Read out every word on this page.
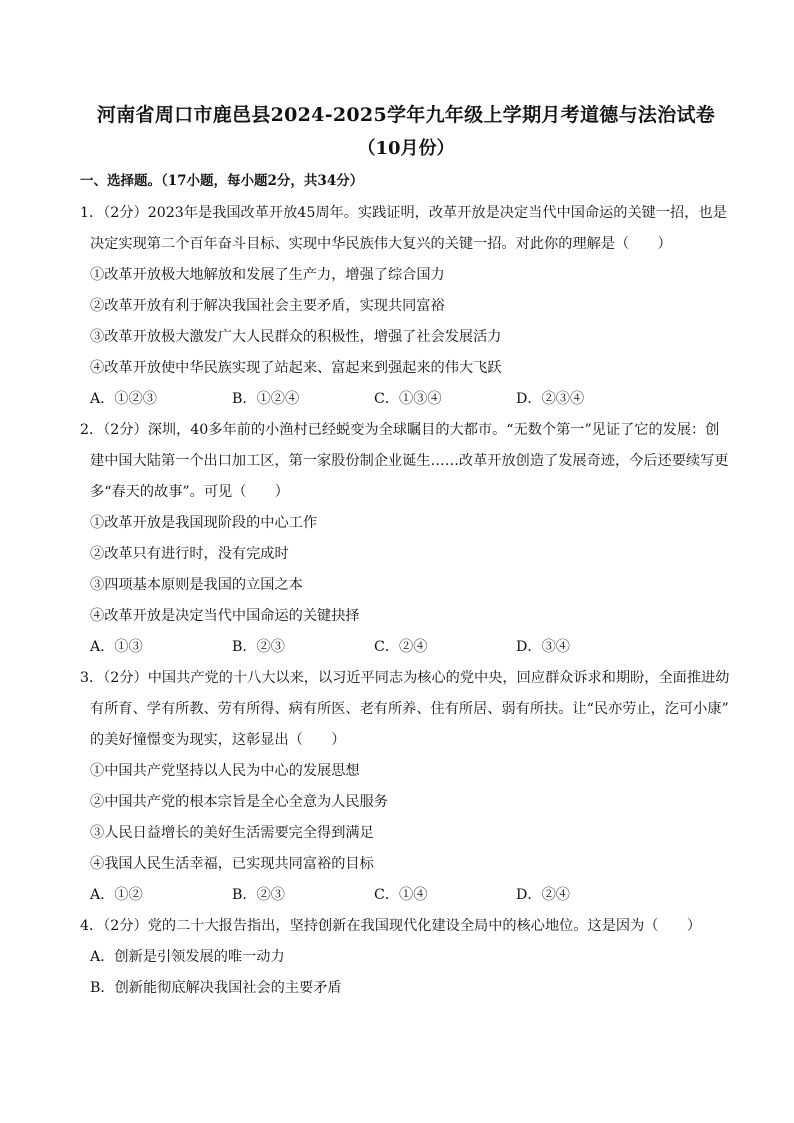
河南省周口市鹿邑县2024-2025学年九年级上学期月考道德与法治试卷
（10月份）
一、选择题。（17小题，每小题2分，共34分）
1．（2分）2023年是我国改革开放45周年。实践证明，改革开放是决定当代中国命运的关键一招，也是
决定实现第二个百年奋斗目标、实现中华民族伟大复兴的关键一招。对此你的理解是（　　）
①改革开放极大地解放和发展了生产力，增强了综合国力
②改革开放有利于解决我国社会主要矛盾，实现共同富裕
③改革开放极大激发广大人民群众的积极性，增强了社会发展活力
④改革开放使中华民族实现了站起来、富起来到强起来的伟大飞跃
A．①②③	B．①②④	C．①③④	D．②③④
2．（2分）深圳，40多年前的小渔村已经蜕变为全球瞩目的大都市。“无数个第一”见证了它的发展：创
建中国大陆第一个出口加工区，第一家股份制企业诞生……改革开放创造了发展奇迹，今后还要续写更
多“春天的故事”。可见（　　）
①改革开放是我国现阶段的中心工作
②改革只有进行时，没有完成时
③四项基本原则是我国的立国之本
④改革开放是决定当代中国命运的关键抉择
A．①③	B．②③	C．②④	D．③④
3．（2分）中国共产党的十八大以来，以习近平同志为核心的党中央，回应群众诉求和期盼，全面推进幼
有所育、学有所教、劳有所得、病有所医、老有所养、住有所居、弱有所扶。让“民亦劳止，汔可小康”
的美好憧憬变为现实，这彰显出（　　）
①中国共产党坚持以人民为中心的发展思想
②中国共产党的根本宗旨是全心全意为人民服务
③人民日益增长的美好生活需要完全得到满足
④我国人民生活幸福，已实现共同富裕的目标
A．①②	B．②③	C．①④	D．②④
4．（2分）党的二十大报告指出，坚持创新在我国现代化建设全局中的核心地位。这是因为（　　）
A．创新是引领发展的唯一动力
B．创新能彻底解决我国社会的主要矛盾
